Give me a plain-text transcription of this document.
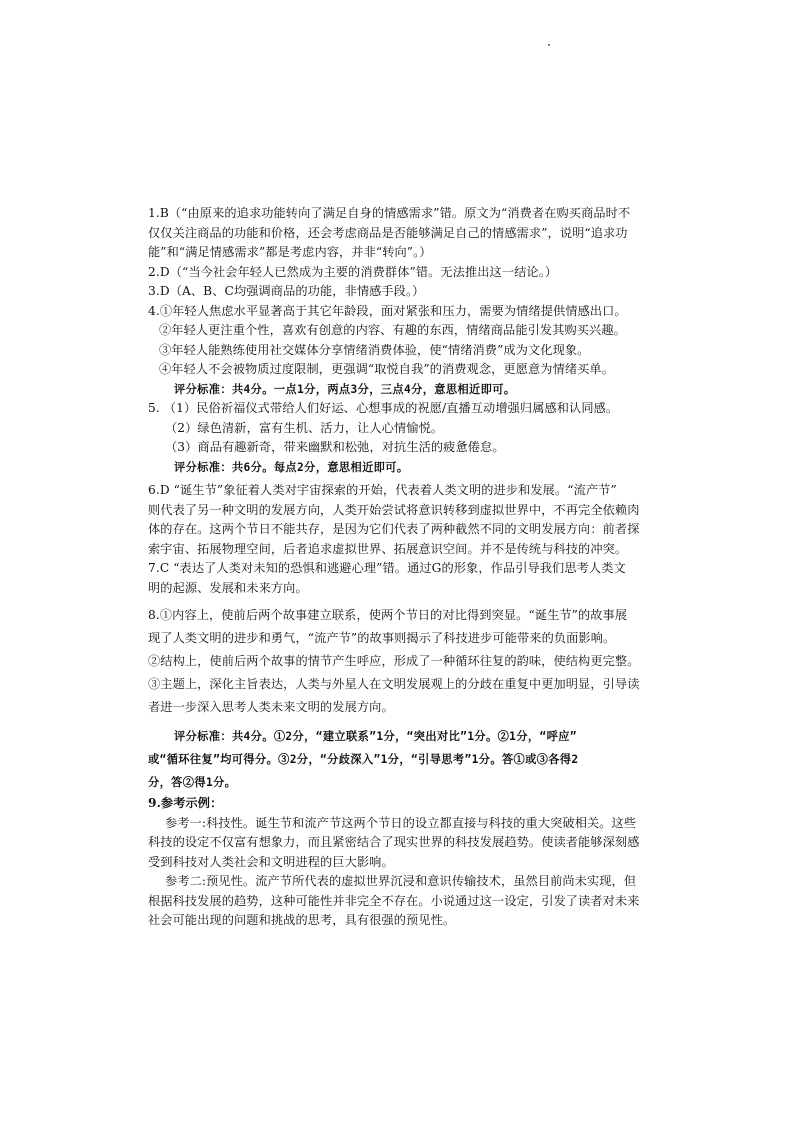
1.B（“由原来的追求功能转向了满足自身的情感需求”错。原文为“消费者在购买商品时不
仅仅关注商品的功能和价格，还会考虑商品是否能够满足自己的情感需求”，说明“追求功
能”和“满足情感需求”都是考虑内容，并非“转向”。）
2.D（“当今社会年轻人已然成为主要的消费群体”错。无法推出这一结论。）
3.D（A、B、C均强调商品的功能，非情感手段。）
4.①年轻人焦虑水平显著高于其它年龄段，面对紧张和压力，需要为情绪提供情感出口。
②年轻人更注重个性，喜欢有创意的内容、有趣的东西，情绪商品能引发其购买兴趣。
③年轻人能熟练使用社交媒体分享情绪消费体验，使“情绪消费”成为文化现象。
④年轻人不会被物质过度限制，更强调“取悦自我”的消费观念，更愿意为情绪买单。
评分标准：共4分。一点1分，两点3分，三点4分，意思相近即可。
5. （1）民俗祈福仪式带给人们好运、心想事成的祝愿/直播互动增强归属感和认同感。
（2）绿色清新，富有生机、活力，让人心情愉悦。
（3）商品有趣新奇，带来幽默和松弛，对抗生活的疲惫倦怠。
评分标准：共6分。每点2分，意思相近即可。
6.D “诞生节”象征着人类对宇宙探索的开始，代表着人类文明的进步和发展。“流产节”
则代表了另一种文明的发展方向，人类开始尝试将意识转移到虚拟世界中，不再完全依赖肉
体的存在。这两个节日不能共存，是因为它们代表了两种截然不同的文明发展方向：前者探
索宇宙、拓展物理空间，后者追求虚拟世界、拓展意识空间。并不是传统与科技的冲突。
7.C “表达了人类对未知的恐惧和逃避心理”错。通过G的形象，作品引导我们思考人类文
明的起源、发展和未来方向。
8.①内容上，使前后两个故事建立联系，使两个节日的对比得到突显。“诞生节”的故事展
现了人类文明的进步和勇气，“流产节”的故事则揭示了科技进步可能带来的负面影响。
②结构上，使前后两个故事的情节产生呼应，形成了一种循环往复的韵味，使结构更完整。
③主题上，深化主旨表达，人类与外星人在文明发展观上的分歧在重复中更加明显，引导读
者进一步深入思考人类未来文明的发展方向。
评分标准：共4分。①2分，“建立联系”1分，“突出对比”1分。②1分，“呼应”
或“循环往复”均可得分。③2分，“分歧深入”1分，“引导思考”1分。答①或③各得2
分，答②得1分。
9.参考示例：
参考一:科技性。诞生节和流产节这两个节日的设立都直接与科技的重大突破相关。这些
科技的设定不仅富有想象力，而且紧密结合了现实世界的科技发展趋势。使读者能够深刻感
受到科技对人类社会和文明进程的巨大影响。
参考二:预见性。流产节所代表的虚拟世界沉浸和意识传输技术，虽然目前尚未实现，但
根据科技发展的趋势，这种可能性并非完全不存在。小说通过这一设定，引发了读者对未来
社会可能出现的问题和挑战的思考，具有很强的预见性。
